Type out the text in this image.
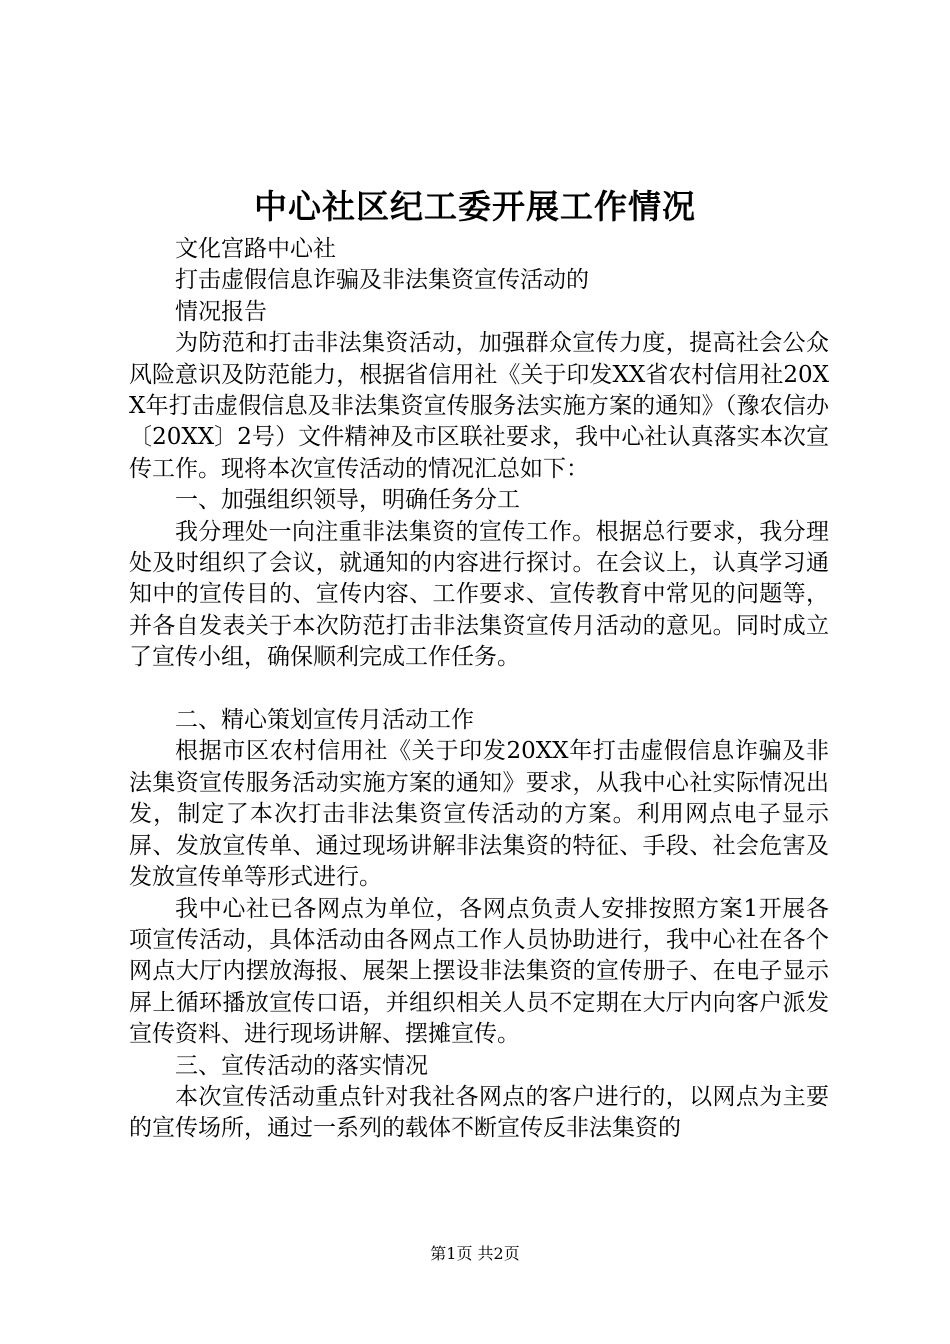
中心社区纪工委开展工作情况

文化宫路中心社

打击虚假信息诈骗及非法集资宣传活动的

情况报告

为防范和打击非法集资活动，加强群众宣传力度，提高社会公众风险意识及防范能力，根据省信用社《关于印发XX省农村信用社20XX年打击虚假信息及非法集资宣传服务法实施方案的通知》（豫农信办〔20XX〕2号）文件精神及市区联社要求，我中心社认真落实本次宣传工作。现将本次宣传活动的情况汇总如下：

一、加强组织领导，明确任务分工

我分理处一向注重非法集资的宣传工作。根据总行要求，我分理处及时组织了会议，就通知的内容进行探讨。在会议上，认真学习通知中的宣传目的、宣传内容、工作要求、宣传教育中常见的问题等，并各自发表关于本次防范打击非法集资宣传月活动的意见。同时成立了宣传小组，确保顺利完成工作任务。

二、精心策划宣传月活动工作

根据市区农村信用社《关于印发20XX年打击虚假信息诈骗及非法集资宣传服务活动实施方案的通知》要求，从我中心社实际情况出发，制定了本次打击非法集资宣传活动的方案。利用网点电子显示屏、发放宣传单、通过现场讲解非法集资的特征、手段、社会危害及发放宣传单等形式进行。

我中心社已各网点为单位，各网点负责人安排按照方案1开展各项宣传活动，具体活动由各网点工作人员协助进行，我中心社在各个网点大厅内摆放海报、展架上摆设非法集资的宣传册子、在电子显示屏上循环播放宣传口语，并组织相关人员不定期在大厅内向客户派发宣传资料、进行现场讲解、摆摊宣传。

三、宣传活动的落实情况

本次宣传活动重点针对我社各网点的客户进行的，以网点为主要的宣传场所，通过一系列的载体不断宣传反非法集资的

第1页 共2页
